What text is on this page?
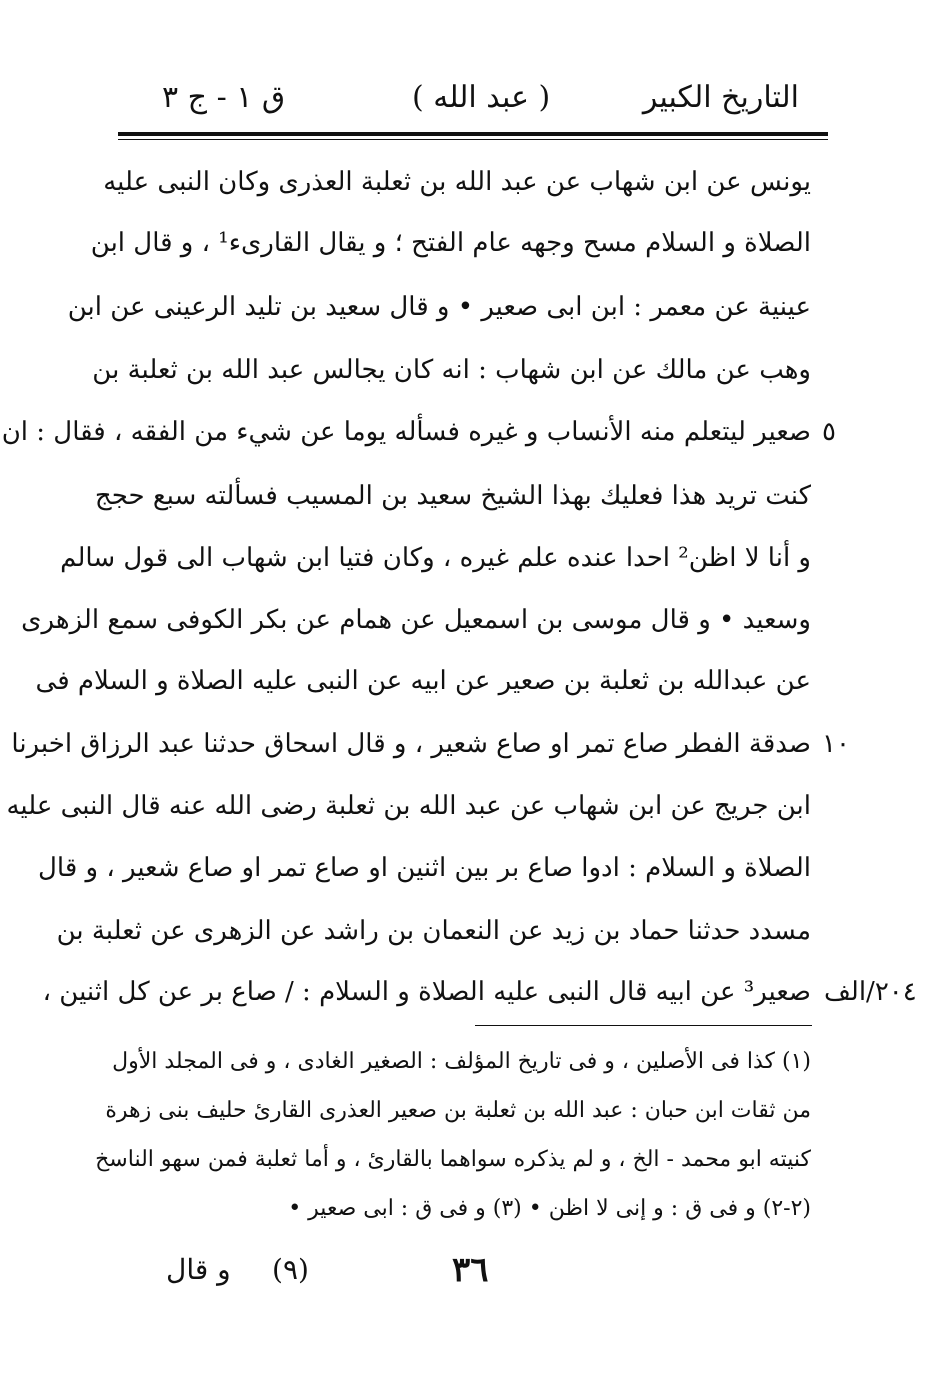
التاريخ الكبير
( عبد الله )
ق ١ - ج ٣
يونس عن ابن شهاب عن عبد الله بن ثعلبة العذرى وكان النبى عليه
الصلاة و السلام مسح وجهه عام الفتح ؛ و يقال القارىء¹ ، و قال ابن
عينية عن معمر : ابن ابى صعير • و قال سعيد بن تليد الرعينى عن ابن
وهب عن مالك عن ابن شهاب : انه كان يجالس عبد الله بن ثعلبة بن
صعير ليتعلم منه الأنساب و غيره فسأله يوما عن شيء من الفقه ، فقال : ان
كنت تريد هذا فعليك بهذا الشيخ سعيد بن المسيب فسألته سبع حجج
و أنا لا اظن² احدا عنده علم غيره ، وكان فتيا ابن شهاب الى قول سالم
وسعيد • و قال موسى بن اسمعيل عن همام عن بكر الكوفى سمع الزهرى
عن عبدالله بن ثعلبة بن صعير عن ابيه عن النبى عليه الصلاة و السلام فى
صدقة الفطر صاع تمر او صاع شعير ، و قال اسحاق حدثنا عبد الرزاق اخبرنا
ابن جريج عن ابن شهاب عن عبد الله بن ثعلبة رضى الله عنه قال النبى عليه
الصلاة و السلام : ادوا صاع بر بين اثنين او صاع تمر او صاع شعير ، و قال
مسدد حدثنا حماد بن زيد عن النعمان بن راشد عن الزهرى عن ثعلبة بن
صعير³ عن ابيه قال النبى عليه الصلاة و السلام : / صاع بر عن كل اثنين ،
٥
١٠
٢٠٤/الف
(١) كذا فى الأصلين ، و فى تاريخ المؤلف : الصغير الغادى ، و فى المجلد الأول
من ثقات ابن حبان : عبد الله بن ثعلبة بن صعير العذرى القارئ حليف بنى زهرة
كنيته ابو محمد - الخ ، و لم يذكره سواهما بالقارئ ، و أما ثعلبة فمن سهو الناسخ
(٢-٢) و فى ق : و إنى لا اظن • (٣) و فى ق : ابى صعير •
٣٦
(٩)
و قال
